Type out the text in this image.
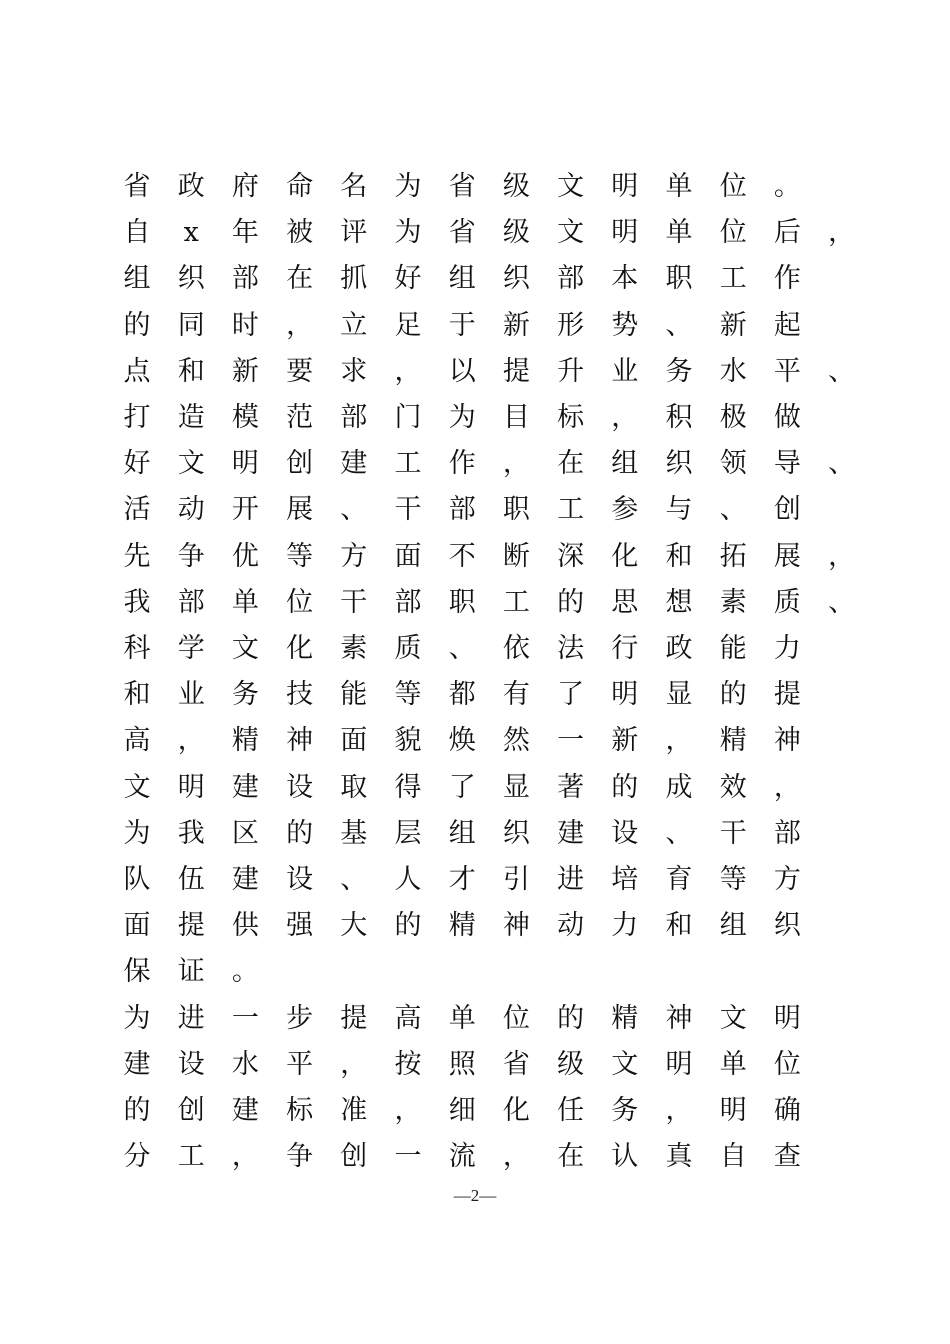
省 政 府 命 名 为 省 级 文 明 单 位 。
自 x 年 被 评 为 省 级 文 明 单 位 后 ，
组 织 部 在 抓 好 组 织 部 本 职 工 作
的 同 时 ， 立 足 于 新 形 势 、 新 起
点 和 新 要 求 ， 以 提 升 业 务 水 平 、
打 造 模 范 部 门 为 目 标 ， 积 极 做
好 文 明 创 建 工 作 ， 在 组 织 领 导 、
活 动 开 展 、 干 部 职 工 参 与 、 创
先 争 优 等 方 面 不 断 深 化 和 拓 展 ，
我 部 单 位 干 部 职 工 的 思 想 素 质 、
科 学 文 化 素 质 、 依 法 行 政 能 力
和 业 务 技 能 等 都 有 了 明 显 的 提
高 ， 精 神 面 貌 焕 然 一 新 ， 精 神
文 明 建 设 取 得 了 显 著 的 成 效 ，
为 我 区 的 基 层 组 织 建 设 、 干 部
队 伍 建 设 、 人 才 引 进 培 育 等 方
面 提 供 强 大 的 精 神 动 力 和 组 织
保 证 。
为 进 一 步 提 高 单 位 的 精 神 文 明
建 设 水 平 ， 按 照 省 级 文 明 单 位
的 创 建 标 准 ， 细 化 任 务 ， 明 确
分 工 ， 争 创 一 流 ， 在 认 真 自 查
—2—
